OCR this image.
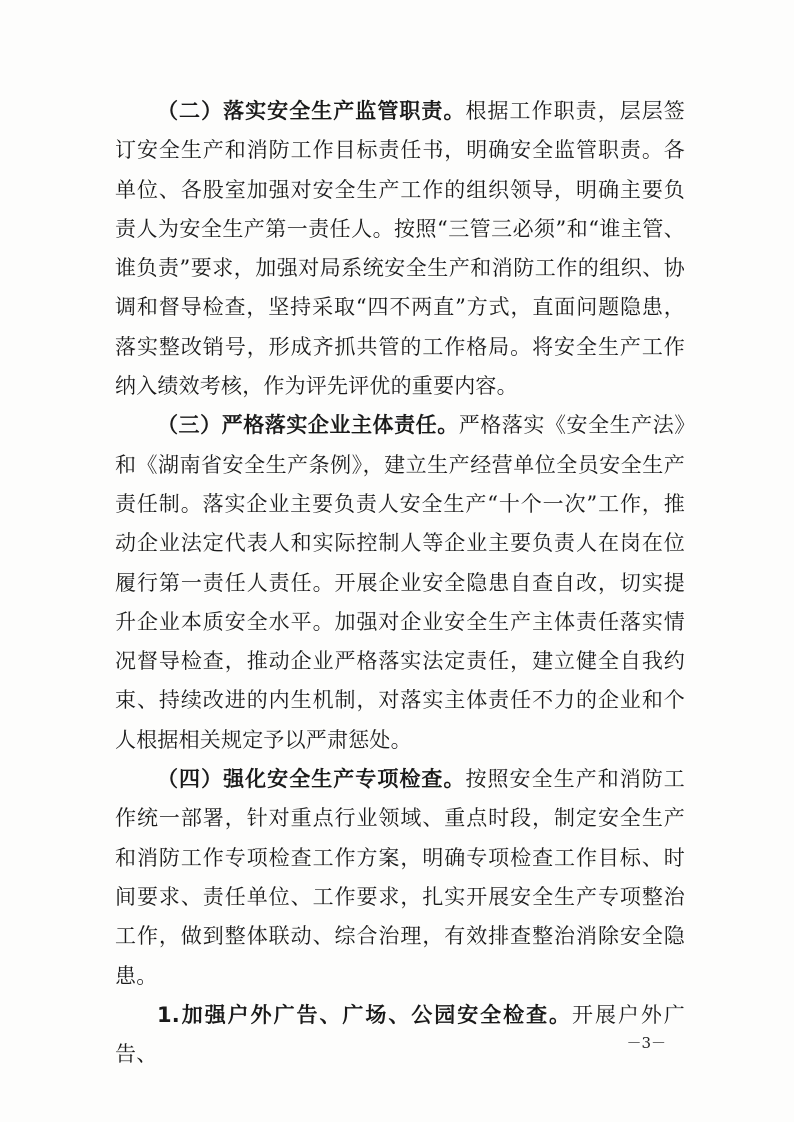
（二）落实安全生产监管职责。根据工作职责，层层签订安全生产和消防工作目标责任书，明确安全监管职责。各单位、各股室加强对安全生产工作的组织领导，明确主要负责人为安全生产第一责任人。按照“三管三必须”和“谁主管、谁负责”要求，加强对局系统安全生产和消防工作的组织、协调和督导检查，坚持采取“四不两直”方式，直面问题隐患，落实整改销号，形成齐抓共管的工作格局。将安全生产工作纳入绩效考核，作为评先评优的重要内容。

（三）严格落实企业主体责任。严格落实《安全生产法》和《湖南省安全生产条例》，建立生产经营单位全员安全生产责任制。落实企业主要负责人安全生产“十个一次”工作，推动企业法定代表人和实际控制人等企业主要负责人在岗在位履行第一责任人责任。开展企业安全隐患自查自改，切实提升企业本质安全水平。加强对企业安全生产主体责任落实情况督导检查，推动企业严格落实法定责任，建立健全自我约束、持续改进的内生机制，对落实主体责任不力的企业和个人根据相关规定予以严肃惩处。

（四）强化安全生产专项检查。按照安全生产和消防工作统一部署，针对重点行业领域、重点时段，制定安全生产和消防工作专项检查工作方案，明确专项检查工作目标、时间要求、责任单位、工作要求，扎实开展安全生产专项整治工作，做到整体联动、综合治理，有效排查整治消除安全隐患。

1.加强户外广告、广场、公园安全检查。开展户外广告、	－3－
